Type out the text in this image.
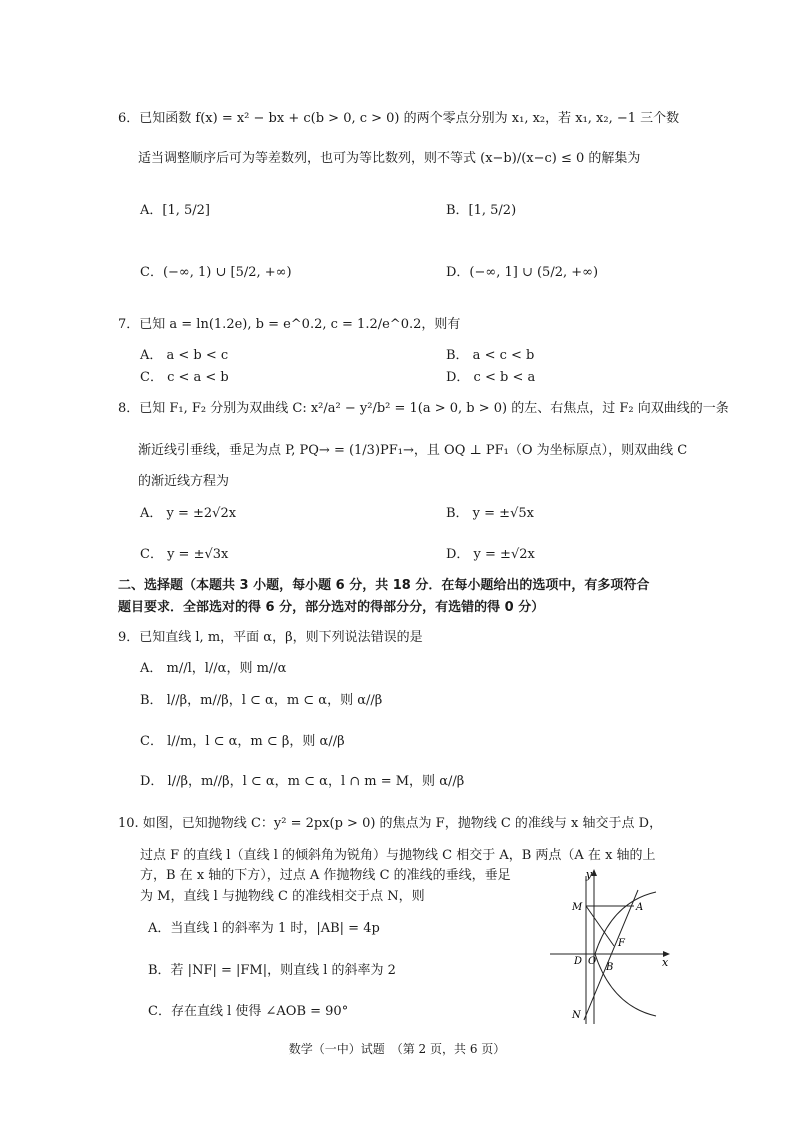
6．已知函数 f(x) = x² − bx + c(b > 0, c > 0) 的两个零点分别为 x₁, x₂，若 x₁, x₂, −1 三个数
适当调整顺序后可为等差数列，也可为等比数列，则不等式 (x−b)/(x−c) ≤ 0 的解集为
A．[1, 5/2]	B．[1, 5/2)
C．(−∞, 1) ∪ [5/2, +∞)	D．(−∞, 1] ∪ (5/2, +∞)
7．已知 a = ln(1.2e), b = e^0.2, c = 1.2/e^0.2，则有
A． a < b < c	B． a < c < b
C． c < a < b	D． c < b < a
8．已知 F₁, F₂ 分别为双曲线 C: x²/a² − y²/b² = 1(a > 0, b > 0) 的左、右焦点，过 F₂ 向双曲线的一条
渐近线引垂线，垂足为点 P, PQ→ = (1/3)PF₁→，且 OQ ⊥ PF₁（O 为坐标原点），则双曲线 C
的渐近线方程为
A． y = ±2√2x	B． y = ±√5x
C． y = ±√3x	D． y = ±√2x
二、选择题（本题共 3 小题，每小题 6 分，共 18 分．在每小题给出的选项中，有多项符合
题目要求．全部选对的得 6 分，部分选对的得部分分，有选错的得 0 分）
9．已知直线 l, m，平面 α，β，则下列说法错误的是
A． m//l，l//α，则 m//α
B． l//β，m//β，l ⊂ α，m ⊂ α，则 α//β
C． l//m，l ⊂ α，m ⊂ β，则 α//β
D． l//β，m//β，l ⊂ α，m ⊂ α，l ∩ m = M，则 α//β
10. 如图，已知抛物线 C：y² = 2px(p > 0) 的焦点为 F，抛物线 C 的准线与 x 轴交于点 D，
过点 F 的直线 l（直线 l 的倾斜角为锐角）与抛物线 C 相交于 A，B 两点（A 在 x 轴的上
方，B 在 x 轴的下方），过点 A 作抛物线 C 的准线的垂线，垂足
为 M，直线 l 与抛物线 C 的准线相交于点 N，则
A．当直线 l 的斜率为 1 时，|AB| = 4p
B．若 |NF| = |FM|，则直线 l 的斜率为 2
C．存在直线 l 使得 ∠AOB = 90°
y
x
M	A
F
D O
B
N
数学（一中）试题　（第 2 页，共 6 页）
